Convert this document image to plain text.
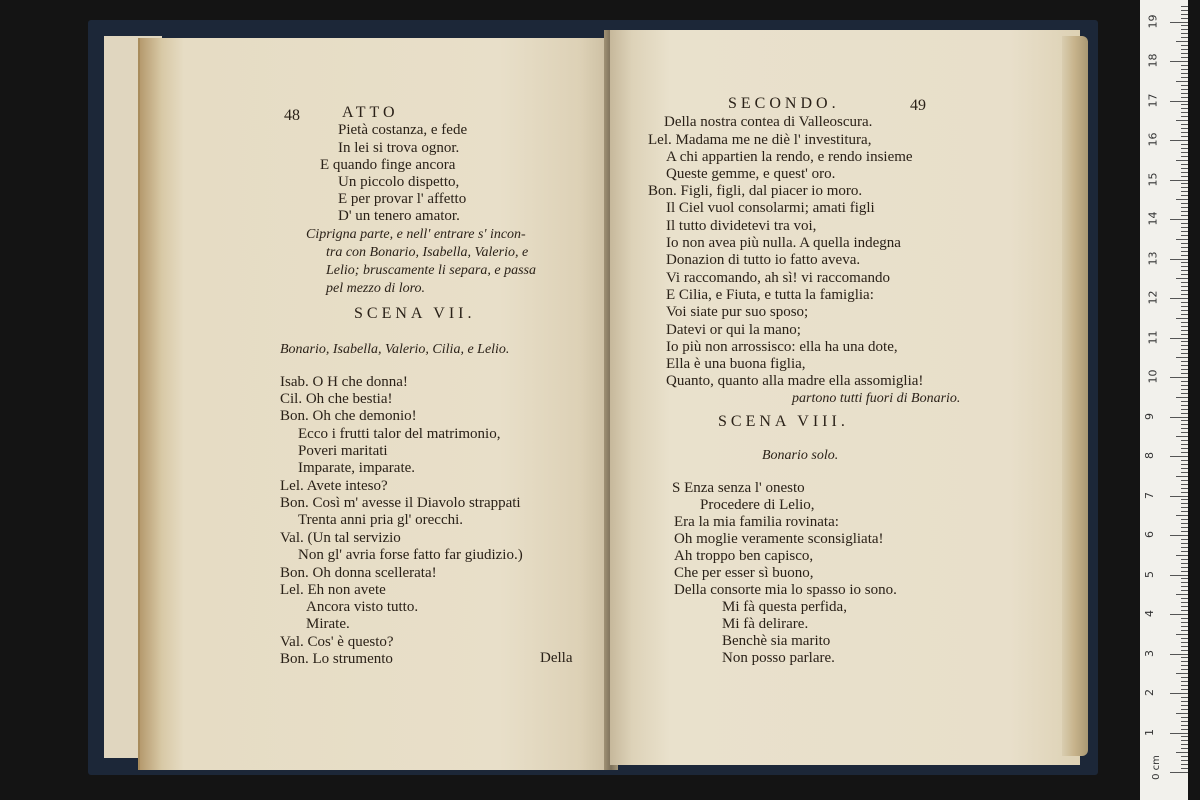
48	ATTO
Pietà costanza, e fede
In lei si trova ognor.
E quando finge ancora
Un piccolo dispetto,
E per provar l' affetto
D' un tenero amator.
Ciprigna parte, e nell' entrare s' incon-
tra con Bonario, Isabella, Valerio, e
Lelio; bruscamente li separa, e passa
pel mezzo di loro.
SCENA VII.
Bonario, Isabella, Valerio, Cilia, e Lelio.
Isab. O H che donna!
Cil. Oh che bestia!
Bon. Oh che demonio!
Ecco i frutti talor del matrimonio,
Poveri maritati
Imparate, imparate.
Lel. Avete inteso?
Bon. Così m' avesse il Diavolo strappati
Trenta anni pria gl' orecchi.
Val. (Un tal servizio
Non gl' avria forse fatto far giudizio.)
Bon. Oh donna scellerata!
Lel. Eh non avete
Ancora visto tutto.
Mirate.
Val. Cos' è questo?
Bon. Lo strumento	Della
SECONDO.	49
Della nostra contea di Valleoscura.
Lel. Madama me ne diè l' investitura,
A chi appartien la rendo, e rendo insieme
Queste gemme, e quest' oro.
Bon. Figli, figli, dal piacer io moro.
Il Ciel vuol consolarmi; amati figli
Il tutto dividetevi tra voi,
Io non avea più nulla. A quella indegna
Donazion di tutto io fatto aveva.
Vi raccomando, ah sì! vi raccomando
E Cilia, e Fiuta, e tutta la famiglia:
Voi siate pur suo sposo;
Datevi or qui la mano;
Io più non arrossisco: ella ha una dote,
Ella è una buona figlia,
Quanto, quanto alla madre ella assomiglia!
partono tutti fuori di Bonario.
SCENA VIII.
Bonario solo.
S Enza senza l' onesto
Procedere di Lelio,
Era la mia familia rovinata:
Oh moglie veramente sconsigliata!
Ah troppo ben capisco,
Che per esser sì buono,
Della consorte mia lo spasso io sono.
Mi fà questa perfida,
Mi fà delirare.
Benchè sia marito
Non posso parlare.
0 cm
1
2
3
4
5
6
7
8
9
10
11
12
13
14
15
16
17
18
19
